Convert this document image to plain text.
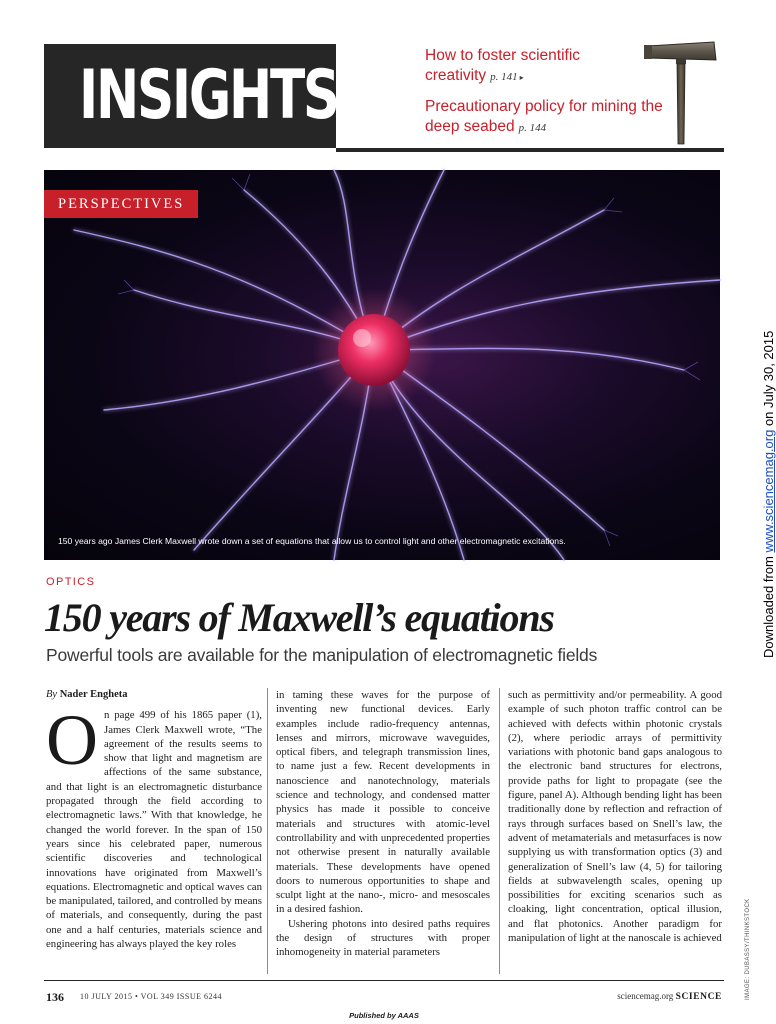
INSIGHTS
How to foster scientific creativity p. 141 ▸
Precautionary policy for mining the deep seabed p. 144
PERSPECTIVES
150 years ago James Clerk Maxwell wrote down a set of equations that allow us to control light and other electromagnetic excitations.
Downloaded from www.sciencemag.org on July 30, 2015
IMAGE: DUBASSY/THINKSTOCK
OPTICS
150 years of Maxwell’s equations
Powerful tools are available for the manipulation of electromagnetic fields
By Nader Engheta
O n page 499 of his 1865 paper (1), James Clerk Maxwell wrote, “The agreement of the results seems to show that light and magnetism are affections of the same substance, and that light is an electromagnetic disturbance propagated through the field according to electromagnetic laws.” With that knowledge, he changed the world forever. In the span of 150 years since his celebrated paper, numerous scientific discoveries and technological innovations have originated from Maxwell’s equations. Electromagnetic and optical waves can be manipulated, tailored, and controlled by means of materials, and consequently, during the past one and a half centuries, materials science and engineering has always played the key roles

in taming these waves for the purpose of inventing new functional devices. Early examples include radio-frequency antennas, lenses and mirrors, microwave waveguides, optical fibers, and telegraph transmission lines, to name just a few. Recent developments in nanoscience and nanotechnology, materials science and technology, and condensed matter physics has made it possible to conceive materials and structures with atomic-level controllability and with unprecedented properties not otherwise present in naturally available materials. These developments have opened doors to numerous opportunities to shape and sculpt light at the nano-, micro- and mesoscales in a desired fashion.

Ushering photons into desired paths requires the design of structures with proper inhomogeneity in material parameters

such as permittivity and/or permeability. A good example of such photon traffic control can be achieved with defects within photonic crystals (2), where periodic arrays of permittivity variations with photonic band gaps analogous to the electronic band structures for electrons, provide paths for light to propagate (see the figure, panel A). Although bending light has been traditionally done by reflection and refraction of rays through surfaces based on Snell’s law, the advent of metamaterials and metasurfaces is now supplying us with transformation optics (3) and generalization of Snell’s law (4, 5) for tailoring fields at subwavelength scales, opening up possibilities for exciting scenarios such as cloaking, light concentration, optical illusion, and flat photonics. Another paradigm for manipulation of light at the nanoscale is achieved

136 10 JULY 2015 • VOL 349 ISSUE 6244	sciencemag.org SCIENCE
Published by AAAS
